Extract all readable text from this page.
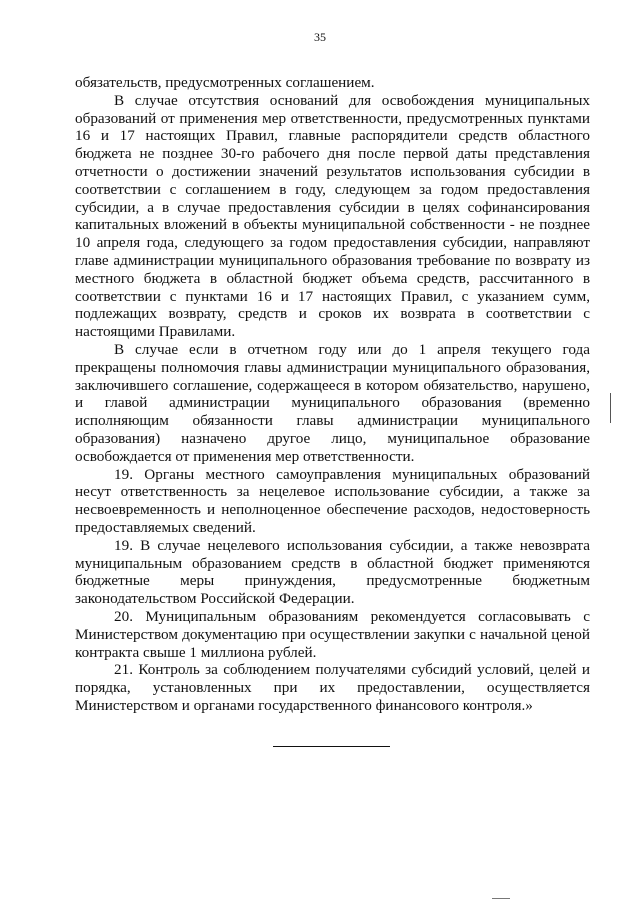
35

обязательств, предусмотренных соглашением.

В случае отсутствия оснований для освобождения муниципальных образований от применения мер ответственности, предусмотренных пунктами 16 и 17 настоящих Правил, главные распорядители средств областного бюджета не позднее 30-го рабочего дня после первой даты представления отчетности о достижении значений результатов использования субсидии в соответствии с соглашением в году, следующем за годом предоставления субсидии, а в случае предоставления субсидии в целях софинансирования капитальных вложений в объекты муниципальной собственности - не позднее 10 апреля года, следующего за годом предоставления субсидии, направляют главе администрации муниципального образования требование по возврату из местного бюджета в областной бюджет объема средств, рассчитанного в соответствии с пунктами 16 и 17 настоящих Правил, с указанием сумм, подлежащих возврату, средств и сроков их возврата в соответствии с настоящими Правилами.

В случае если в отчетном году или до 1 апреля текущего года прекращены полномочия главы администрации муниципального образования, заключившего соглашение, содержащееся в котором обязательство, нарушено, и главой администрации муниципального образования (временно исполняющим обязанности главы администрации муниципального образования) назначено другое лицо, муниципальное образование освобождается от применения мер ответственности.

19. Органы местного самоуправления муниципальных образований несут ответственность за нецелевое использование субсидии, а также за несвоевременность и неполноценное обеспечение расходов, недостоверность предоставляемых сведений.

19. В случае нецелевого использования субсидии, а также невозврата муниципальным образованием средств в областной бюджет применяются бюджетные меры принуждения, предусмотренные бюджетным законодательством Российской Федерации.

20. Муниципальным образованиям рекомендуется согласовывать с Министерством документацию при осуществлении закупки с начальной ценой контракта свыше 1 миллиона рублей.

21. Контроль за соблюдением получателями субсидий условий, целей и порядка, установленных при их предоставлении, осуществляется Министерством и органами государственного финансового контроля.»
